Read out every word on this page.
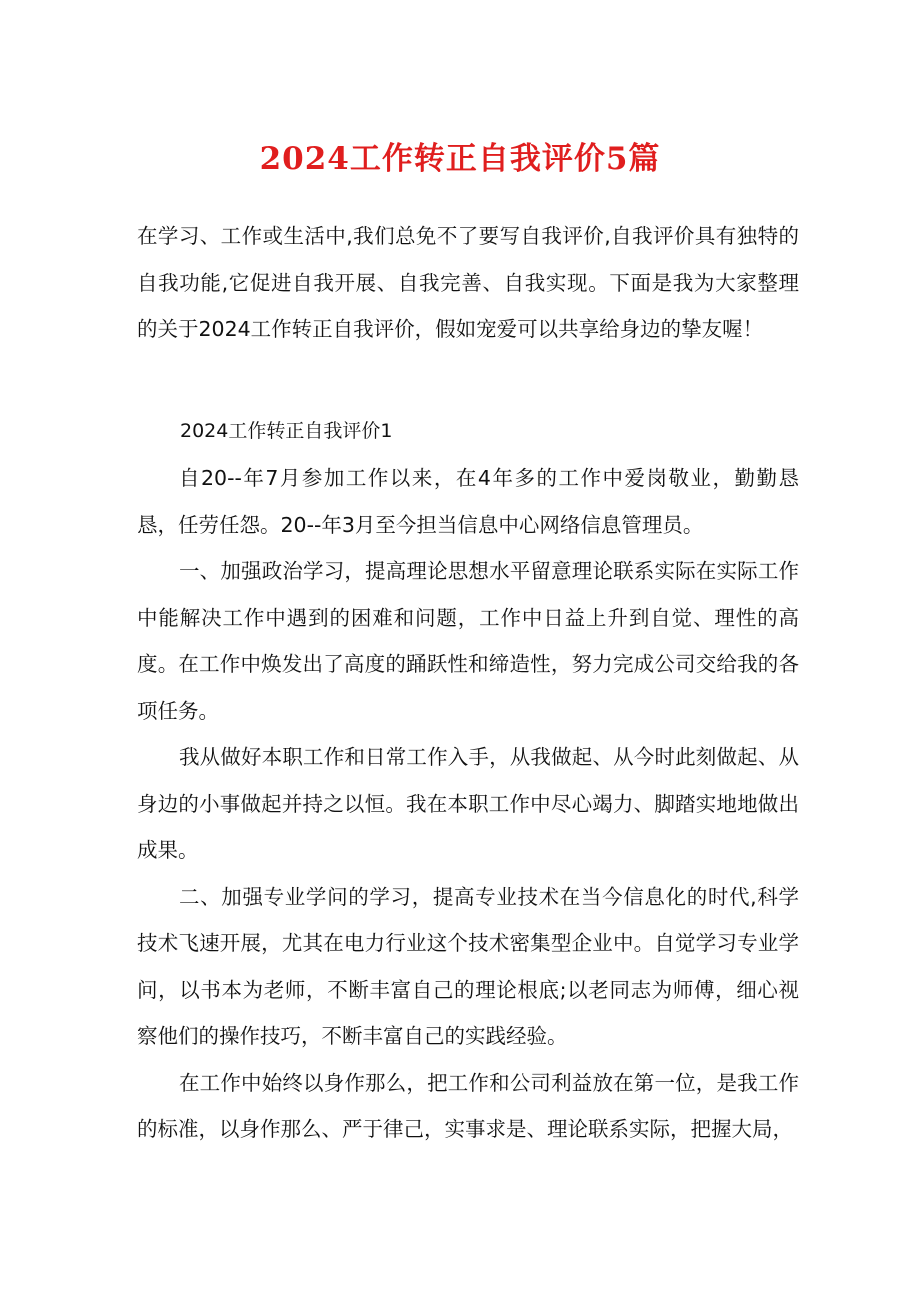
2024工作转正自我评价5篇

在学习、工作或生活中,我们总免不了要写自我评价,自我评价具有独特的自我功能,它促进自我开展、自我完善、自我实现。下面是我为大家整理的关于2024工作转正自我评价，假如宠爱可以共享给身边的挚友喔！

2024工作转正自我评价1

自20--年7月参加工作以来，在4年多的工作中爱岗敬业，勤勤恳恳，任劳任怨。20--年3月至今担当信息中心网络信息管理员。

一、加强政治学习，提高理论思想水平留意理论联系实际在实际工作中能解决工作中遇到的困难和问题，工作中日益上升到自觉、理性的高度。在工作中焕发出了高度的踊跃性和缔造性，努力完成公司交给我的各项任务。

我从做好本职工作和日常工作入手，从我做起、从今时此刻做起、从身边的小事做起并持之以恒。我在本职工作中尽心竭力、脚踏实地地做出成果。

二、加强专业学问的学习，提高专业技术在当今信息化的时代,科学技术飞速开展，尤其在电力行业这个技术密集型企业中。自觉学习专业学问，以书本为老师，不断丰富自己的理论根底;以老同志为师傅，细心视察他们的操作技巧，不断丰富自己的实践经验。

在工作中始终以身作那么，把工作和公司利益放在第一位，是我工作的标准，以身作那么、严于律己，实事求是、理论联系实际，把握大局，
